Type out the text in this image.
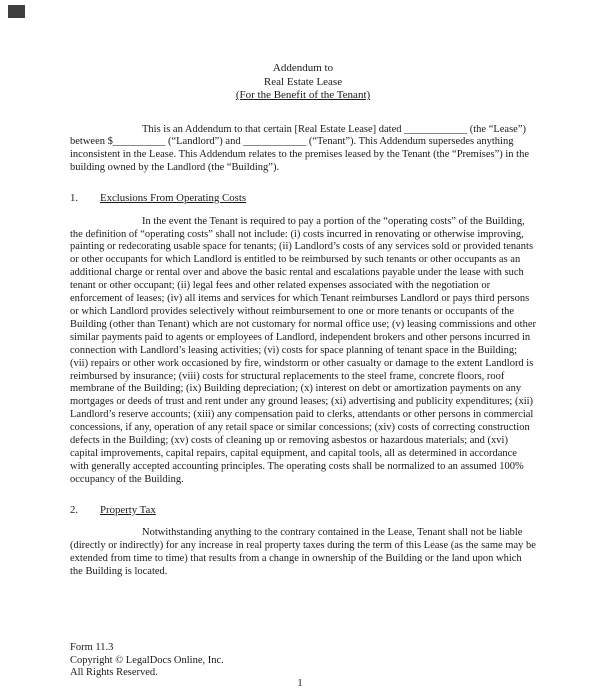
Addendum to
Real Estate Lease
(For the Benefit of the Tenant)

This is an Addendum to that certain [Real Estate Lease] dated ____________ (the “Lease”) between $__________ (“Landlord”) and ____________ (“Tenant”). This Addendum supersedes anything inconsistent in the Lease. This Addendum relates to the premises leased by the Tenant (the “Premises”) in the building owned by the Landlord (the “Building”).

1. Exclusions From Operating Costs

In the event the Tenant is required to pay a portion of the “operating costs” of the Building, the definition of “operating costs” shall not include: (i) costs incurred in renovating or otherwise improving, painting or redecorating usable space for tenants; (ii) Landlord’s costs of any services sold or provided tenants or other occupants for which Landlord is entitled to be reimbursed by such tenants or other occupants as an additional charge or rental over and above the basic rental and escalations payable under the lease with such tenant or other occupant; (ii) legal fees and other related expenses associated with the negotiation or enforcement of leases; (iv) all items and services for which Tenant reimburses Landlord or pays third persons or which Landlord provides selectively without reimbursement to one or more tenants or occupants of the Building (other than Tenant) which are not customary for normal office use; (v) leasing commissions and other similar payments paid to agents or employees of Landlord, independent brokers and other persons incurred in connection with Landlord’s leasing activities; (vi) costs for space planning of tenant space in the Building; (vii) repairs or other work occasioned by fire, windstorm or other casualty or damage to the extent Landlord is reimbursed by insurance; (viii) costs for structural replacements to the steel frame, concrete floors, roof membrane of the Building; (ix) Building depreciation; (x) interest on debt or amortization payments on any mortgages or deeds of trust and rent under any ground leases; (xi) advertising and publicity expenditures; (xii) Landlord’s reserve accounts; (xiii) any compensation paid to clerks, attendants or other persons in commercial concessions, if any, operation of any retail space or similar concessions; (xiv) costs of correcting construction defects in the Building; (xv) costs of cleaning up or removing asbestos or hazardous materials; and (xvi) capital improvements, capital repairs, capital equipment, and capital tools, all as determined in accordance with generally accepted accounting principles. The operating costs shall be normalized to an assumed 100% occupancy of the Building.

2. Property Tax

Notwithstanding anything to the contrary contained in the Lease, Tenant shall not be liable (directly or indirectly) for any increase in real property taxes during the term of this Lease (as the same may be extended from time to time) that results from a change in ownership of the Building or the land upon which the Building is located.

Form 11.3
Copyright © LegalDocs Online, Inc.
All Rights Reserved.
1
